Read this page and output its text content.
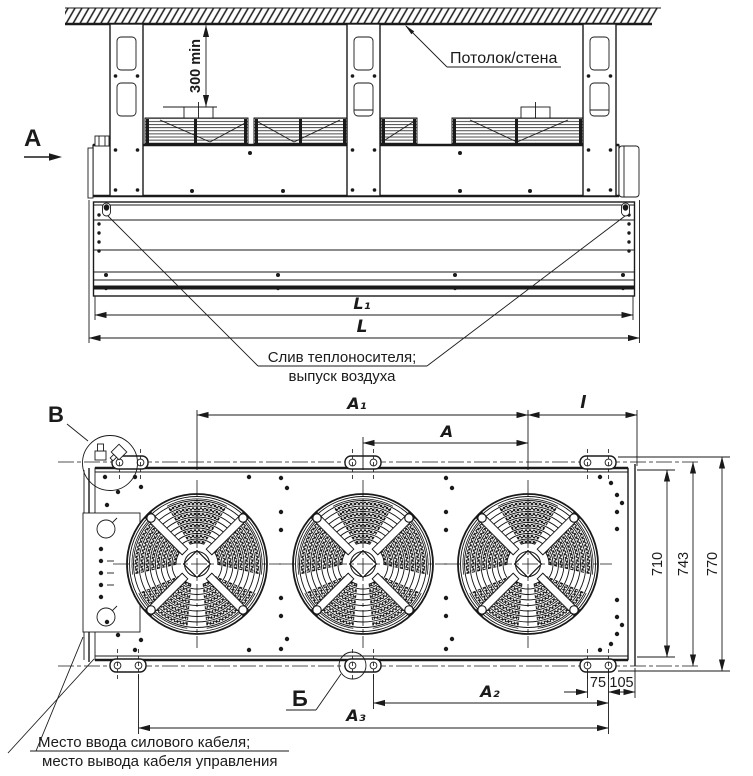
Потолок/стена
А
300 min
Слив теплоносителя;
выпуск воздуха
L₁
L
В
Б
А₁	l
А
710 743 770
75 105
А₂
А₃
Место ввода силового кабеля;
место вывода кабеля управления
